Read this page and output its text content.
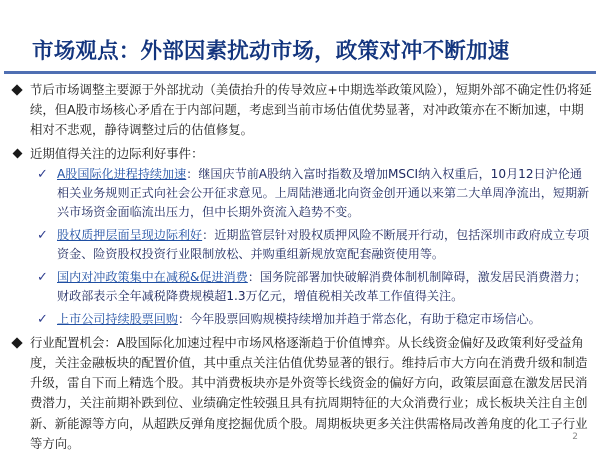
市场观点：外部因素扰动市场，政策对冲不断加速
节后市场调整主要源于外部扰动（美债抬升的传导效应+中期选举政策风险），短期外部不确定性仍将延续，但A股市场核心矛盾在于内部问题，考虑到当前市场估值优势显著，对冲政策亦在不断加速，中期相对不悲观，静待调整过后的估值修复。
近期值得关注的边际利好事件：
✓ A股国际化进程持续加速：继国庆节前A股纳入富时指数及增加MSCI纳入权重后，10月12日沪伦通相关业务规则正式向社会公开征求意见。上周陆港通北向资金创开通以来第二大单周净流出，短期新兴市场资金面临流出压力，但中长期外资流入趋势不变。
✓ 股权质押层面呈现边际利好：近期监管层针对股权质押风险不断展开行动，包括深圳市政府成立专项资金、险资股权投资行业限制放松、并购重组新规放宽配套融资使用等。
✓ 国内对冲政策集中在减税&促进消费：国务院部署加快破解消费体制机制障碍，激发居民消费潜力；财政部表示全年减税降费规模超1.3万亿元，增值税相关改革工作值得关注。
✓ 上市公司持续股票回购：今年股票回购规模持续增加并趋于常态化，有助于稳定市场信心。
行业配置机会：A股国际化加速过程中市场风格逐渐趋于价值博弈。从长线资金偏好及政策利好受益角度，关注金融板块的配置价值，其中重点关注估值优势显著的银行。维持后市大方向在消费升级和制造升级，雷自下而上精选个股。其中消费板块亦是外资等长线资金的偏好方向，政策层面意在激发居民消费潜力，关注前期补跌到位、业绩确定性较强且具有抗周期特征的大众消费行业；成长板块关注自主创新、新能源等方向，从超跌反弹角度挖掘优质个股。周期板块更多关注供需格局改善角度的化工子行业等方向。	2
